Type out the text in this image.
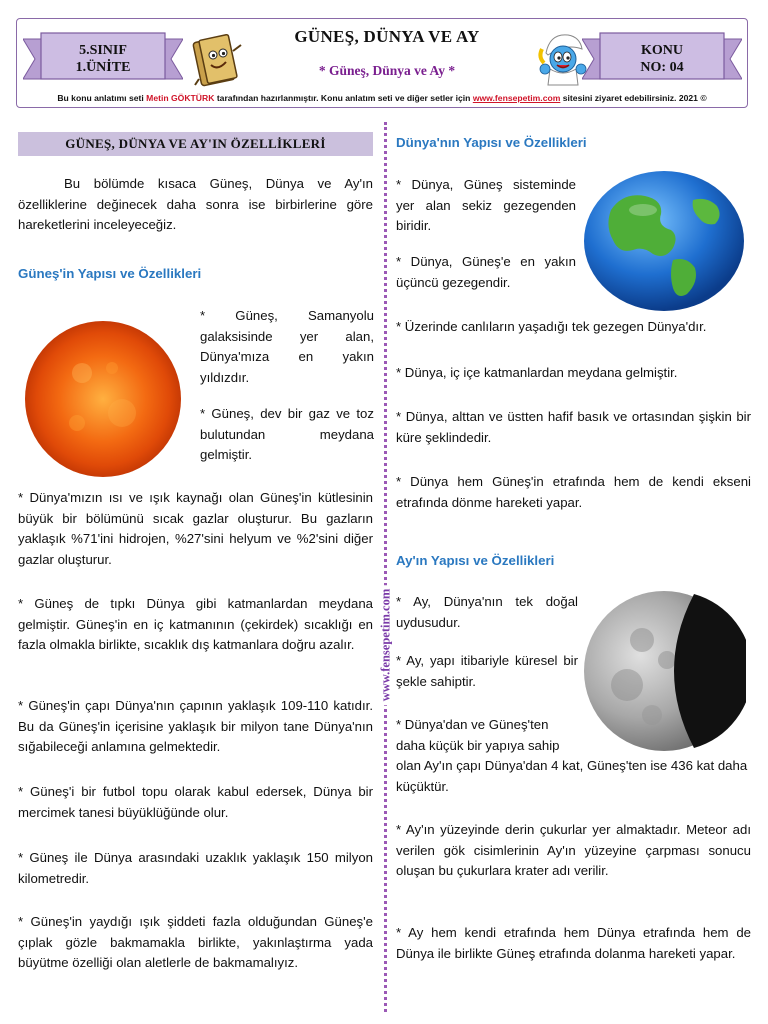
5.SINIF
1.ÜNİTE
GÜNEŞ, DÜNYA VE AY
* Güneş, Dünya ve Ay *
KONU
NO: 04
Bu konu anlatımı seti Metin GÖKTÜRK tarafından hazırlanmıştır. Konu anlatım seti ve diğer setler için www.fensepetim.com sitesini ziyaret edebilirsiniz. 2021 ©
www.fensepetim.com
GÜNEŞ, DÜNYA VE AY'IN ÖZELLİKLERİ
Bu bölümde kısaca Güneş, Dünya ve Ay'ın özelliklerine değinecek daha sonra ise birbirlerine göre hareketlerini inceleyeceğiz.
Güneş'in Yapısı ve Özellikleri
* Güneş, Samanyolu galaksisinde yer alan, Dünya'mıza en yakın yıldızdır.
* Güneş, dev bir gaz ve toz bulutundan meydana gelmiştir.
* Dünya'mızın ısı ve ışık kaynağı olan Güneş'in kütlesinin büyük bir bölümünü sıcak gazlar oluşturur. Bu gazların yaklaşık %71'ini hidrojen, %27'sini helyum ve %2'sini diğer gazlar oluşturur.
* Güneş de tıpkı Dünya gibi katmanlardan meydana gelmiştir. Güneş'in en iç katmanının (çekirdek) sıcaklığı en fazla olmakla birlikte, sıcaklık dış katmanlara doğru azalır.
* Güneş'in çapı Dünya'nın çapının yaklaşık 109-110 katıdır. Bu da Güneş'in içerisine yaklaşık bir milyon tane Dünya'nın sığabileceği anlamına gelmektedir.
* Güneş'i bir futbol topu olarak kabul edersek, Dünya bir mercimek tanesi büyüklüğünde olur.
* Güneş ile Dünya arasındaki uzaklık yaklaşık 150 milyon kilometredir.
* Güneş'in yaydığı ışık şiddeti fazla olduğundan Güneş'e çıplak gözle bakmamakla birlikte, yakınlaştırma yada büyütme özelliği olan aletlerle de bakmamalıyız.
Dünya'nın Yapısı ve Özellikleri
* Dünya, Güneş sisteminde yer alan sekiz gezegenden biridir.
* Dünya, Güneş'e en yakın üçüncü gezegendir.
* Üzerinde canlıların yaşadığı tek gezegen Dünya'dır.
* Dünya, iç içe katmanlardan meydana gelmiştir.
* Dünya, alttan ve üstten hafif basık ve ortasından şişkin bir küre şeklindedir.
* Dünya hem Güneş'in etrafında hem de kendi ekseni etrafında dönme hareketi yapar.
Ay'ın Yapısı ve Özellikleri
* Ay, Dünya'nın tek doğal uydusudur.
* Ay, yapı itibariyle küresel bir şekle sahiptir.
* Dünya'dan ve Güneş'ten daha küçük bir yapıya sahip
olan Ay'ın çapı Dünya'dan 4 kat, Güneş'ten ise 436 kat daha küçüktür.
* Ay'ın yüzeyinde derin çukurlar yer almaktadır. Meteor adı verilen gök cisimlerinin Ay'ın yüzeyine çarpması sonucu oluşan bu çukurlara krater adı verilir.
* Ay hem kendi etrafında hem Dünya etrafında hem de Dünya ile birlikte Güneş etrafında dolanma hareketi yapar.
